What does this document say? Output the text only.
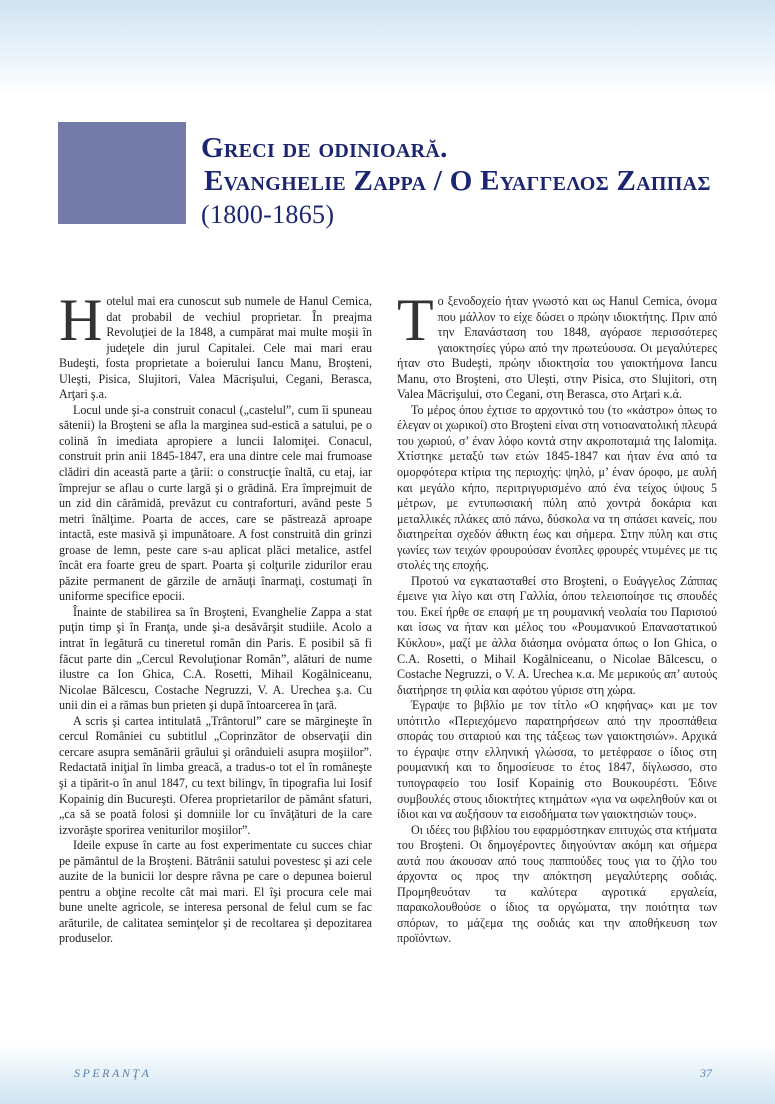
Greci de odinioară.
Evanghelie Zappa / Ο Ευαγγελος Ζαππας
(1800-1865)

Hotelul mai era cunoscut sub numele de Hanul Cemica, dat probabil de vechiul proprietar. În preajma Revoluţiei de la 1848, a cumpărat mai multe moşii în judeţele din jurul Capitalei. Cele mai mari erau Budeşti, fosta proprietate a boierului Iancu Manu, Broşteni, Uleşti, Pisica, Slujitori, Valea Mācrişului, Cegani, Berasca, Arţari ş.a.

Locul unde şi-a construit conacul („castelul”, cum îi spuneau sătenii) la Broşteni se afla la marginea sud-estică a satului, pe o colină în imediata apropiere a luncii Ialomiţei. Conacul, construit prin anii 1845-1847, era una dintre cele mai frumoase clădiri din această parte a ţării: o construcţie înaltă, cu etaj, iar împrejur se aflau o curte largă şi o grădină. Era împrejmuit de un zid din cărămidă, prevăzut cu contraforturi, având peste 5 metri înălţime. Poarta de acces, care se păstrează aproape intactă, este masivă şi impunătoare. A fost construită din grinzi groase de lemn, peste care s-au aplicat plăci metalice, astfel încât era foarte greu de spart. Poarta şi colţurile zidurilor erau păzite permanent de gărzile de arnăuţi înarmaţi, costumaţi în uniforme specifice epocii.

Înainte de stabilirea sa în Broşteni, Evanghelie Zappa a stat puţin timp şi în Franţa, unde şi-a desăvârşit studiile. Acolo a intrat în legătură cu tineretul român din Paris. E posibil să fi făcut parte din „Cercul Revoluţionar Român”, alături de nume ilustre ca Ion Ghica, C.A. Rosetti, Mihail Kogălniceanu, Nicolae Bălcescu, Costache Negruzzi, V. A. Urechea ş.a. Cu unii din ei a rămas bun prieten şi după întoarcerea în ţară.

A scris şi cartea intitulată „Trântorul” care se mărgineşte în cercul României cu subtitlul „Coprinzător de observaţii din cercare asupra semănării grâului şi orânduieli asupra moşiilor”. Redactată iniţial în limba greacă, a tradus-o tot el în româneşte şi a tipărit-o în anul 1847, cu text bilingv, în tipografia lui Iosif Kopainig din Bucureşti. Oferea proprietarilor de pământ sfaturi, „ca să se poată folosi şi domniile lor cu învăţături de la care izvorăşte sporirea veniturilor moşiilor”.

Ideile expuse în carte au fost experimentate cu succes chiar pe pământul de la Broşteni. Bătrânii satului povestesc şi azi cele auzite de la bunicii lor despre râvna pe care o depunea boierul pentru a obţine recolte cât mai mari. El îşi procura cele mai bune unelte agricole, se interesa personal de felul cum se fac arăturile, de calitatea seminţelor şi de recoltarea şi depozitarea produselor.

Το ξενοδοχείο ήταν γνωστό και ως Hanul Cemica, όνομα που μάλλον το είχε δώσει ο πρώην ιδιοκτήτης. Πριν από την Επανάσταση του 1848, αγόρασε περισσότερες γαιοκτησίες γύρω από την πρωτεύουσα. Οι μεγαλύτερες ήταν στο Budeşti, πρώην ιδιοκτησία του γαιοκτήμονα Iancu Manu, στο Broşteni, στο Uleşti, στην Pisica, στο Slujitori, στη Valea Mācrişului, στο Cegani, στη Berasca, στο Arţari κ.ά.

Το μέρος όπου έχτισε το αρχοντικό του (το «κάστρο» όπως το έλεγαν οι χωρικοί) στο Broşteni είναι στη νοτιοανατολική πλευρά του χωριού, σ’ έναν λόφο κοντά στην ακροποταμιά της Ialomiţa. Χτίστηκε μεταξύ των ετών 1845-1847 και ήταν ένα από τα ομορφότερα κτίρια της περιοχής: ψηλό, μ’ έναν όροφο, με αυλή και μεγάλο κήπο, περιτριγυρισμένο από ένα τείχος ύψους 5 μέτρων, με εντυπωσιακή πύλη από χοντρά δοκάρια και μεταλλικές πλάκες από πάνω, δύσκολα να τη σπάσει κανείς, που διατηρείται σχεδόν άθικτη έως και σήμερα. Στην πύλη και στις γωνίες των τειχών φρουρούσαν ένοπλες φρουρές ντυμένες με τις στολές της εποχής.

Προτού να εγκατασταθεί στο Broşteni, ο Ευάγγελος Ζάππας έμεινε για λίγο και στη Γαλλία, όπου τελειοποίησε τις σπουδές του. Εκεί ήρθε σε επαφή με τη ρουμανική νεολαία του Παρισιού και ίσως να ήταν και μέλος του «Ρουμανικού Επαναστατικού Κύκλου», μαζί με άλλα διάσημα ονόματα όπως ο Ion Ghica, ο C.A. Rosetti, ο Mihail Kogălniceanu, ο Nicolae Bălcescu, ο Costache Negruzzi, ο V. A. Urechea κ.α. Με μερικούς απ’ αυτούς διατήρησε τη φιλία και αφότου γύρισε στη χώρα.

Έγραψε το βιβλίο με τον τίτλο «Ο κηφήνας» και με τον υπότιτλο «Περιεχόμενο παρατηρήσεων από την προσπάθεια σποράς του σιταριού και της τάξεως των γαιοκτησιών». Αρχικά το έγραψε στην ελληνική γλώσσα, το μετέφρασε ο ίδιος στη ρουμανική και το δημοσίευσε το έτος 1847, δίγλωσσο, στο τυπογραφείο του Iosif Kopainig στο Βουκουρέστι. Έδινε συμβουλές στους ιδιοκτήτες κτημάτων «για να ωφεληθούν και οι ίδιοι και να αυξήσουν τα εισοδήματα των γαιοκτησιών τους».

Οι ιδέες του βιβλίου του εφαρμόστηκαν επιτυχώς στα κτήματα του Broşteni. Οι δημογέροντες διηγούνταν ακόμη και σήμερα αυτά που άκουσαν από τους παππούδες τους για το ζήλο του άρχοντα ος προς την απόκτηση μεγαλύτερης σοδιάς. Προμηθευόταν τα καλύτερα αγροτικά εργαλεία, παρακολουθούσε ο ίδιος τα οργώματα, την ποιότητα των σπόρων, το μάζεμα της σοδιάς και την αποθήκευση των προϊόντων.

SPERANŢA	37
